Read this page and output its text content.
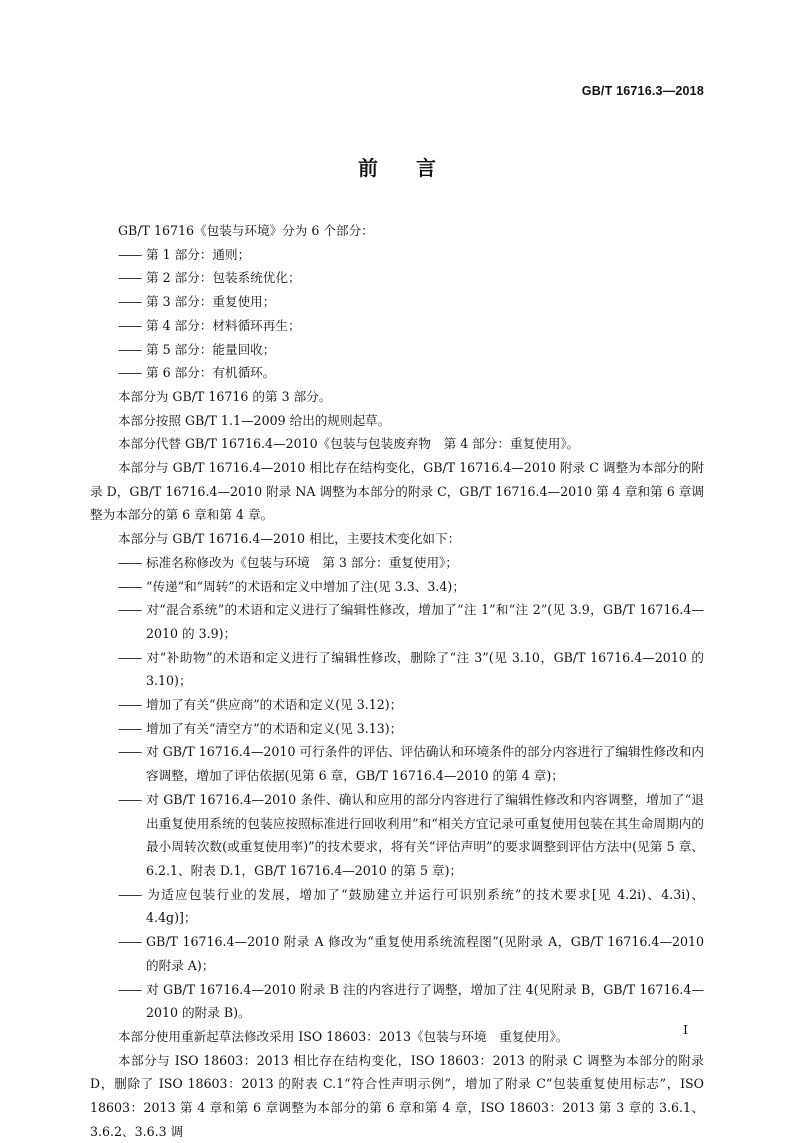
GB/T 16716.3—2018
前言

GB/T 16716《包装与环境》分为 6 个部分：

—— 第 1 部分：通则；

—— 第 2 部分：包装系统优化；

—— 第 3 部分：重复使用；

—— 第 4 部分：材料循环再生；

—— 第 5 部分：能量回收；

—— 第 6 部分：有机循环。

本部分为 GB/T 16716 的第 3 部分。

本部分按照 GB/T 1.1—2009 给出的规则起草。

本部分代替 GB/T 16716.4—2010《包装与包装废弃物　第 4 部分：重复使用》。

本部分与 GB/T 16716.4—2010 相比存在结构变化，GB/T 16716.4—2010 附录 C 调整为本部分的附录 D，GB/T 16716.4—2010 附录 NA 调整为本部分的附录 C，GB/T 16716.4—2010 第 4 章和第 6 章调整为本部分的第 6 章和第 4 章。

本部分与 GB/T 16716.4—2010 相比，主要技术变化如下：

—— 标准名称修改为《包装与环境　第 3 部分：重复使用》；

—— “传递”和“周转”的术语和定义中增加了注(见 3.3、3.4)；

—— 对“混合系统”的术语和定义进行了编辑性修改，增加了“注 1”和“注 2”(见 3.9，GB/T 16716.4—2010 的 3.9)；

—— 对“补助物”的术语和定义进行了编辑性修改，删除了“注 3”(见 3.10，GB/T 16716.4—2010 的 3.10)；

—— 增加了有关“供应商”的术语和定义(见 3.12)；

—— 增加了有关“清空方”的术语和定义(见 3.13)；

—— 对 GB/T 16716.4—2010 可行条件的评估、评估确认和环境条件的部分内容进行了编辑性修改和内容调整，增加了评估依据(见第 6 章，GB/T 16716.4—2010 的第 4 章)；

—— 对 GB/T 16716.4—2010 条件、确认和应用的部分内容进行了编辑性修改和内容调整，增加了“退出重复使用系统的包装应按照标准进行回收利用”和“相关方宜记录可重复使用包装在其生命周期内的最小周转次数(或重复使用率)”的技术要求，将有关“评估声明”的要求调整到评估方法中(见第 5 章、6.2.1、附表 D.1，GB/T 16716.4—2010 的第 5 章)；

—— 为适应包装行业的发展，增加了“鼓励建立并运行可识别系统”的技术要求[见 4.2i)、4.3i)、4.4g)]；

—— GB/T 16716.4—2010 附录 A 修改为“重复使用系统流程图”(见附录 A，GB/T 16716.4—2010 的附录 A)；

—— 对 GB/T 16716.4—2010 附录 B 注的内容进行了调整，增加了注 4(见附录 B，GB/T 16716.4—2010 的附录 B)。

本部分使用重新起草法修改采用 ISO 18603：2013《包装与环境　重复使用》。

本部分与 ISO 18603：2013 相比存在结构变化，ISO 18603：2013 的附录 C 调整为本部分的附录 D，删除了 ISO 18603：2013 的附表 C.1“符合性声明示例”，增加了附录 C“包装重复使用标志”，ISO 18603：2013 第 4 章和第 6 章调整为本部分的第 6 章和第 4 章，ISO 18603：2013 第 3 章的 3.6.1、3.6.2、3.6.3 调

I
